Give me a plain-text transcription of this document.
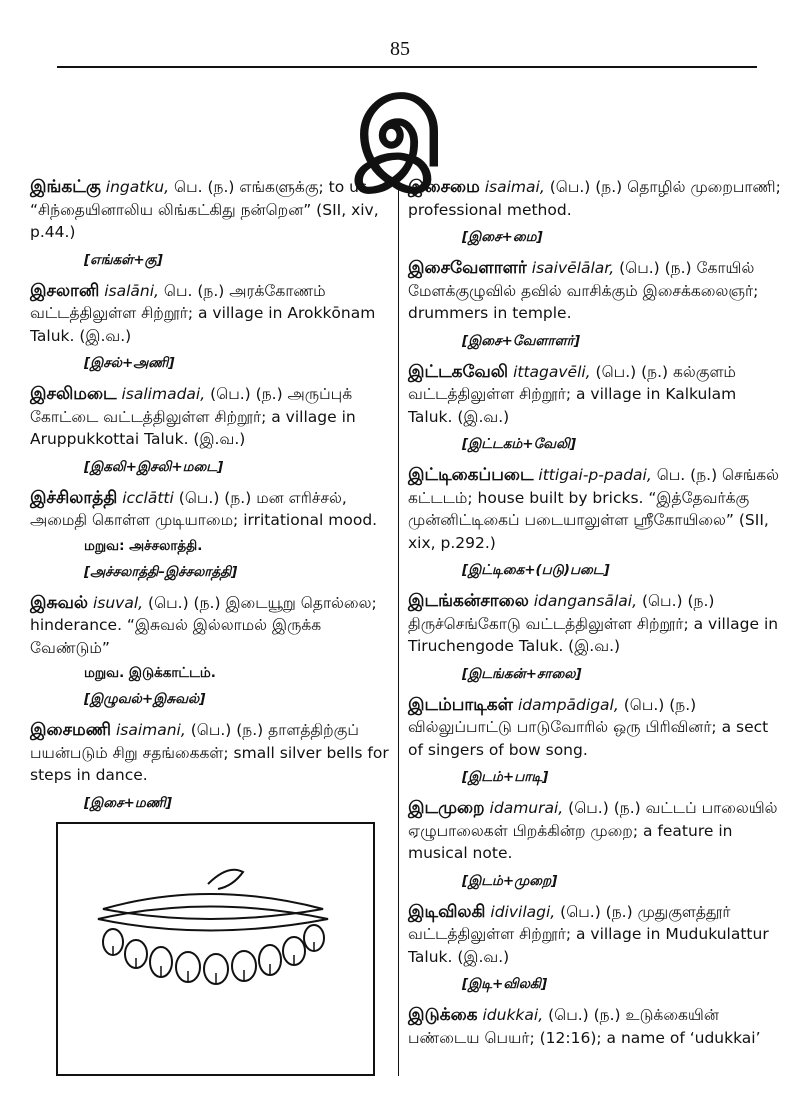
85
இ
இங்கட்கு ingatku, பெ. (ந.) எங்களுக்கு; to us. “சிந்தையினாலிய லிங்கட்கிது நன்றென” (SII, xiv, p.44.)
[எங்கள்+கு]
இசலானி isalāni, பெ. (ந.) அரக்கோணம் வட்டத்திலுள்ள சிற்றூர்; a village in Arokkōnam Taluk. (இ.வ.)
[இசல்+அணி]
இசலிமடை isalimadai, (பெ.) (ந.) அருப்புக் கோட்டை வட்டத்திலுள்ள சிற்றூர்; a village in Aruppukkottai Taluk. (இ.வ.)
[இகலி+இசலி+மடை]
இச்சிலாத்தி icclātti (பெ.) (ந.) மன எரிச்சல், அமைதி கொள்ள முடியாமை; irritational mood.
மறுவ: அச்சலாத்தி.
[அச்சலாத்தி–இச்சலாத்தி]
இசுவல் isuval, (பெ.) (ந.) இடையூறு தொல்லை; hinderance. “இசுவல் இல்லாமல் இருக்க வேண்டும்”
மறுவ. இடுக்காட்டம்.
[இழுவல்+இசுவல்]
இசைமணி isaimani, (பெ.) (ந.) தாளத்திற்குப் பயன்படும் சிறு சதங்கைகள்; small silver bells for steps in dance.
[இசை+மணி]
இசைமை isaimai, (பெ.) (ந.) தொழில் முறைபாணி; professional method.
[இசை+மை]
இசைவேளாளர் isaivēlālar, (பெ.) (ந.) கோயில் மேளக்குழுவில் தவில் வாசிக்கும் இசைக்கலைஞர்; drummers in temple.
[இசை+வேளாளர்]
இட்டகவேலி ittagavēli, (பெ.) (ந.) கல்குளம் வட்டத்திலுள்ள சிற்றூர்; a village in Kalkulam Taluk. (இ.வ.)
[இட்டகம்+வேலி]
இட்டிகைப்படை ittigai-p-padai, பெ. (ந.) செங்கல் கட்டடம்; house built by bricks. “இத்தேவர்க்கு முன்னிட்டிகைப் படையாலுள்ள ஸ்ரீகோயிலை” (SII, xix, p.292.)
[இட்டிகை+(படு)படை]
இடங்கன்சாலை idangansālai, (பெ.) (ந.) திருச்செங்கோடு வட்டத்திலுள்ள சிற்றூர்; a village in Tiruchengode Taluk. (இ.வ.)
[இடங்கன்+சாலை]
இடம்பாடிகள் idampādigal, (பெ.) (ந.) வில்லுப்பாட்டு பாடுவோரில் ஒரு பிரிவினர்; a sect of singers of bow song.
[இடம்+பாடி]
இடமுறை idamurai, (பெ.) (ந.) வட்டப் பாலையில் ஏழுபாலைகள் பிறக்கின்ற முறை; a feature in musical note.
[இடம்+முறை]
இடிவிலகி idivilagi, (பெ.) (ந.) முதுகுளத்தூர் வட்டத்திலுள்ள சிற்றூர்; a village in Mudukulattur Taluk. (இ.வ.)
[இடி+விலகி]
இடுக்கை idukkai, (பெ.) (ந.) உடுக்கையின் பண்டைய பெயர்; (12:16); a name of ‘udukkai’
